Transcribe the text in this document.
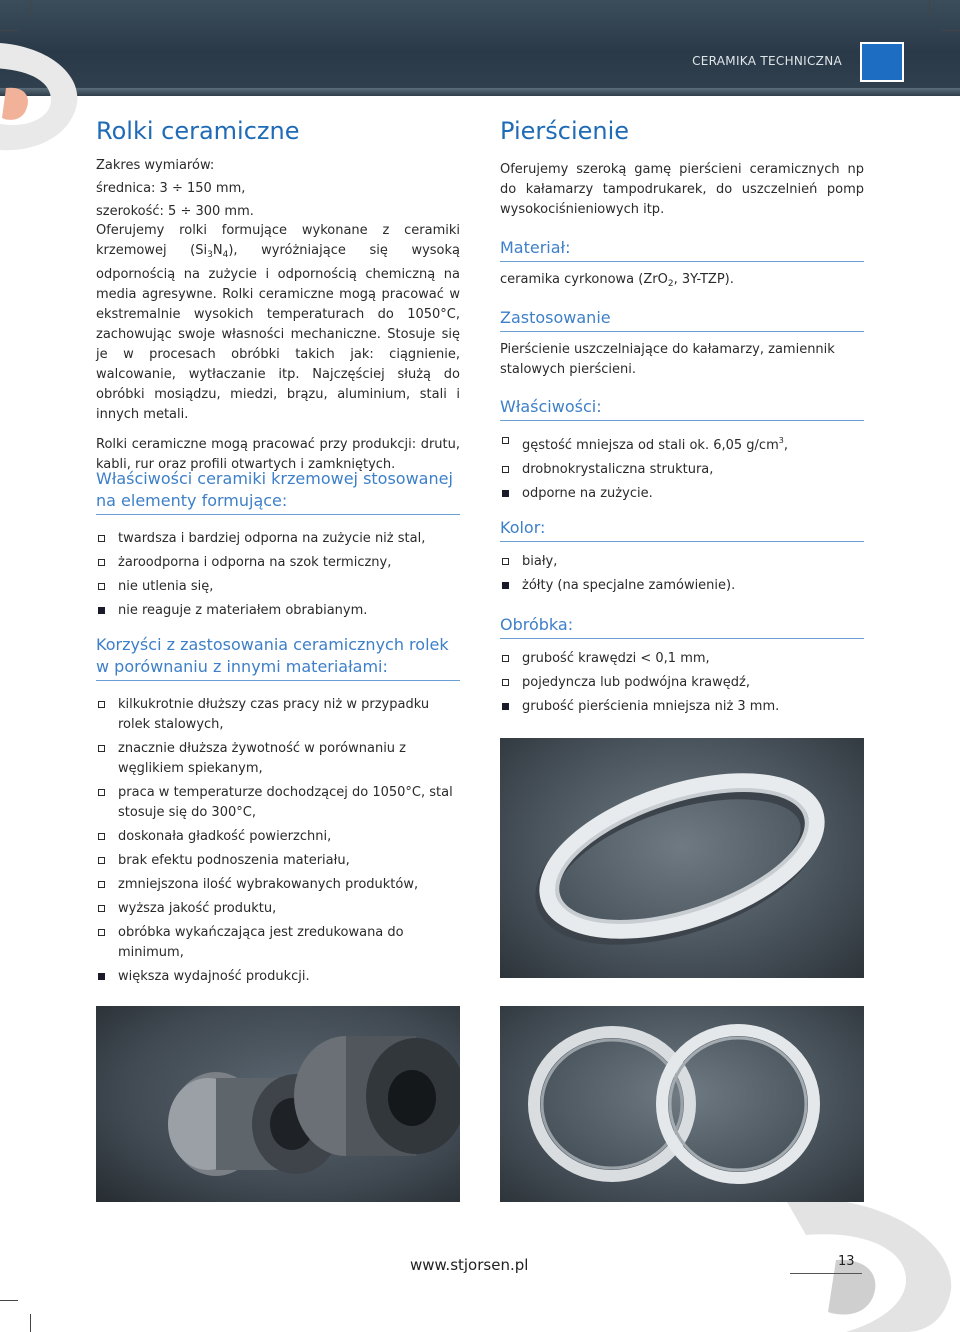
CERAMIKA TECHNICZNA
Rolki ceramiczne

Zakres wymiarów:

średnica: 3 ÷ 150 mm,

szerokość: 5 ÷ 300 mm.

Oferujemy rolki formujące wykonane z ceramiki krzemowej $(Si_3N_4)$, wyróżniające się wysoką odpornością na zużycie i odpornością chemiczną na media agresywne. Rolki ceramiczne mogą pracować w ekstremalnie wysokich temperaturach do 1050°C, zachowując swoje własności mechaniczne. Stosuje się je w procesach obróbki takich jak: ciągnienie, walcowanie, wytłaczanie itp. Najczęściej służą do obróbki mosiądzu, miedzi, brązu, aluminium, stali i innych metali.

Rolki ceramiczne mogą pracować przy produkcji: drutu, kabli, rur oraz profili otwartych i zamkniętych.

Właściwości ceramiki krzemowej stosowanej na elementy formujące:
twardsza i bardziej odporna na zużycie niż stal,
żaroodporna i odporna na szok termiczny,
nie utlenia się,
nie reaguje z materiałem obrabianym.
Korzyści z zastosowania ceramicznych rolek w porównaniu z innymi materiałami:
kilkukrotnie dłuższy czas pracy niż w przypadku rolek stalowych,
znacznie dłuższa żywotność w porównaniu z węglikiem spiekanym,
praca w temperaturze dochodzącej do 1050°C, stal stosuje się do 300°C,
doskonała gładkość powierzchni,
brak efektu podnoszenia materiału,
zmniejszona ilość wybrakowanych produktów,
wyższa jakość produktu,
obróbka wykańczająca jest zredukowana do minimum,
większa wydajność produkcji.
Pierścienie

Oferujemy szeroką gamę pierścieni ceramicznych np do kałamarzy tampodrukarek, do uszczelnień pomp wysokociśnieniowych itp.

Materiał:

ceramika cyrkonowa (ZrO$_2$, 3Y-TZP).

Zastosowanie

Pierścienie uszczelniające do kałamarzy, zamiennik stalowych pierścieni.

Właściwości:
gęstość mniejsza od stali ok. 6,05 $g/cm^3$,
drobnokrystaliczna struktura,
odporne na zużycie.
Kolor:
biały,
żółty (na specjalne zamówienie).
Obróbka:
grubość krawędzi < 0,1 mm,
pojedyncza lub podwójna krawędź,
grubość pierścienia mniejsza niż 3 mm.
www.stjorsen.pl	13
